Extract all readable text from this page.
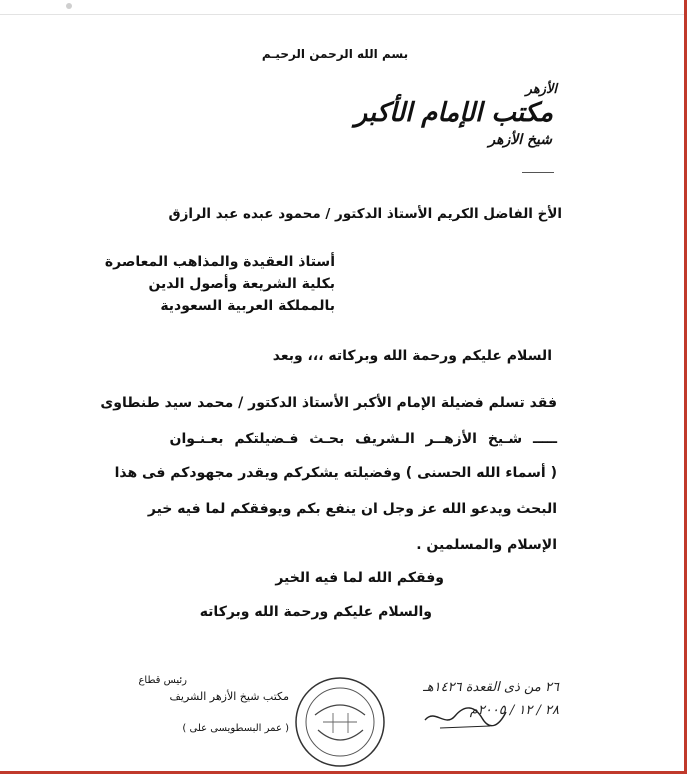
بسم الله الرحمن الرحيـم
الأزهر
مكتب الإمام الأكبر
شيخ الأزهر
الأخ الفاضل الكريم الأستاذ الدكتور / محمود عبده عبد الرازق
أستاذ العقيدة والمذاهب المعاصرة
بكلية الشريعة وأصول الدين
بالمملكة العربية السعودية
السلام عليكم ورحمة الله وبركاته ،،، وبعد
فقد تسلم فضيلة الإمام الأكبر الأستاذ الدكتور / محمد سيد طنطاوى
ـــــ شـيخ الأزهــر الـشريف بحـث فـضيلتكم بعـنـوان
( أسماء الله الحسنى ) وفضيلته يشكركم ويقدر مجهودكم فى هذا
البحث ويدعو الله عز وجل ان ينفع بكم ويوفقكم لما فيه خير
الإسلام والمسلمين .
وفقكم الله لما فيه الخير
والسلام عليكم ورحمة الله وبركاته
رئيس قطاع
مكتب شيخ الأزهر الشريف
( عمر البسطويسى على )
٢٦ من ذى القعدة ١٤٢٦هـ
٢٨ / ١٢ / ٢٠٠٥م
